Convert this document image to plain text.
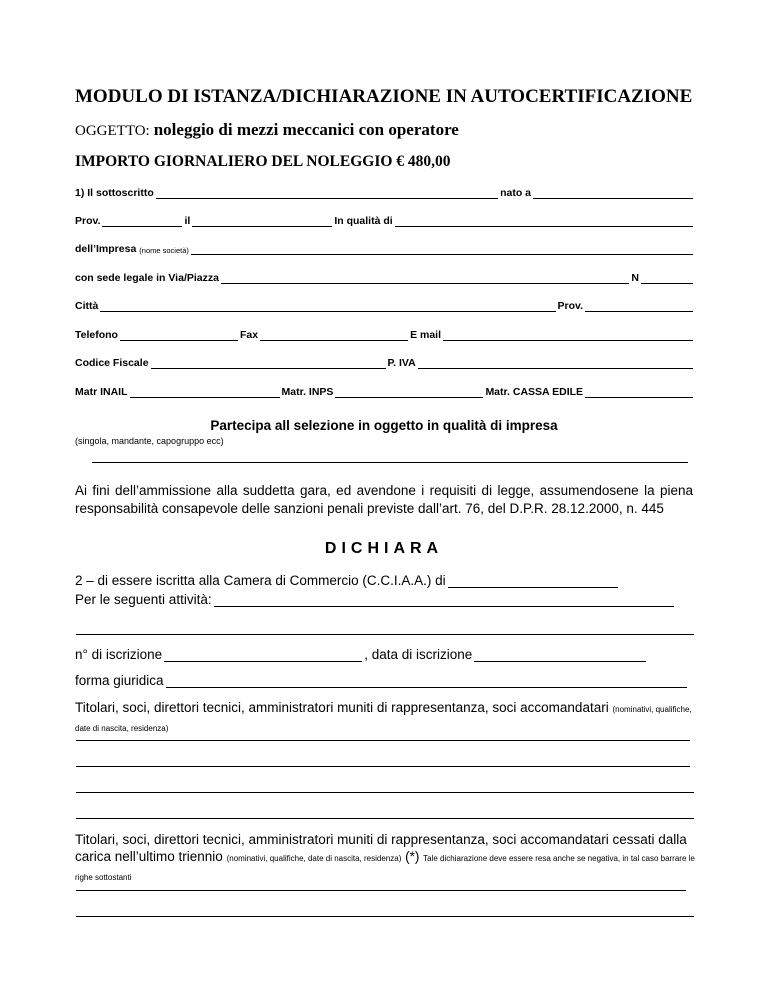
MODULO DI ISTANZA/DICHIARAZIONE IN AUTOCERTIFICAZIONE
OGGETTO: noleggio di mezzi meccanici con operatore
IMPORTO GIORNALIERO DEL NOLEGGIO € 480,00
1) Il sottoscritto	nato a
Prov.	il	In qualità di
dell’Impresa (nome società)
con sede legale in Via/Piazza	N
Città	Prov.
Telefono	Fax	E mail
Codice Fiscale	P. IVA
Matr INAIL	Matr. INPS	Matr. CASSA EDILE
Partecipa all selezione in oggetto in qualità di impresa
(singola, mandante, capogruppo ecc)
Ai fini dell’ammissione alla suddetta gara, ed avendone i requisiti di legge, assumendosene la piena responsabilità consapevole delle sanzioni penali previste dall’art. 76, del D.P.R. 28.12.2000, n. 445
DICHIARA
2 – di essere iscritta alla Camera di Commercio (C.C.I.A.A.) di
Per le seguenti attività:
n° di iscrizione	, data di iscrizione
forma giuridica
Titolari, soci, direttori tecnici, amministratori muniti di rappresentanza, soci accomandatari (nominativi, qualifiche, date di nascita, residenza)
Titolari, soci, direttori tecnici, amministratori muniti di rappresentanza, soci accomandatari cessati dalla carica nell’ultimo triennio (nominativi, qualifiche, date di nascita, residenza) (*) Tale dichiarazione deve essere resa anche se negativa, in tal caso barrare le righe sottostanti
